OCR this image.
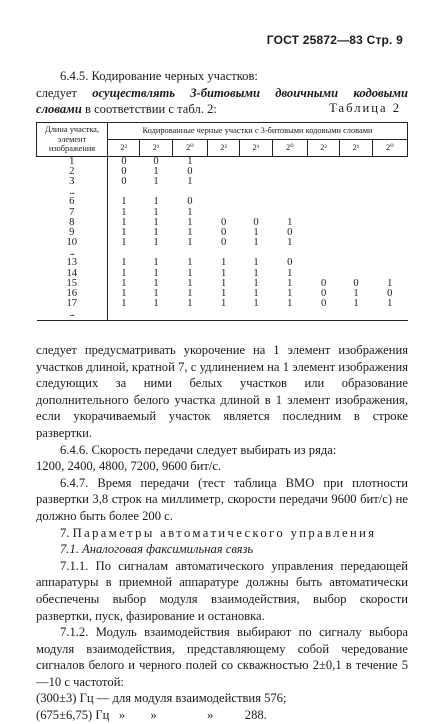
ГОСТ 25872—83 Стр. 9

6.4.5. Кодирование черных участков:

следует осуществлять 3-битовыми двоичными кодовыми словами в соответствии с табл. 2:	Таблица 2
Длина участка, элемент изображения	Кодированные черные участки с 3-битовыми кодовыми словами								
	2²	2¹	2⁰	2²	2¹	2⁰	2²	2¹	2⁰
1	0	0	1						
2	0	1	0						
3	0	1	1						
...									
6	1	1	0						
7	1	1	1						
8	1	1	1	0	0	1			
9	1	1	1	0	1	0			
10	1	1	1	0	1	1			
...									
13	1	1	1	1	1	0			
14	1	1	1	1	1	1			
15	1	1	1	1	1	1	0	0	1
16	1	1	1	1	1	1	0	1	0
17	1	1	1	1	1	1	0	1	1
...									

следует предусматривать укорочение на 1 элемент изображения участков длиной, кратной 7, с удлинением на 1 элемент изображения следующих за ними белых участков или образование дополнительного белого участка длиной в 1 элемент изображения, если укорачиваемый участок является последним в строке развертки.

6.4.6. Скорость передачи следует выбирать из ряда:

1200, 2400, 4800, 7200, 9600 бит/с.

6.4.7. Время передачи (тест таблица ВМО при плотности развертки 3,8 строк на миллиметр, скорости передачи 9600 бит/с) не должно быть более 200 с.

7. Параметры автоматического управления

7.1. Аналоговая факсимильная связь

7.1.1. По сигналам автоматического управления передающей аппаратуры в приемной аппаратуре должны быть автоматически обеспечены выбор модуля взаимодействия, выбор скорости развертки, пуск, фазирование и остановка.

7.1.2. Модуль взаимодействия выбирают по сигналу выбора модуля взаимодействия, представляющему собой чередование сигналов белого и черного полей со скважностью 2±0,1 в течение 5—10 с частотой:

(300±3) Гц — для модуля взаимодействия 576;

(675±6,75) Гц   »        »                »          288.
